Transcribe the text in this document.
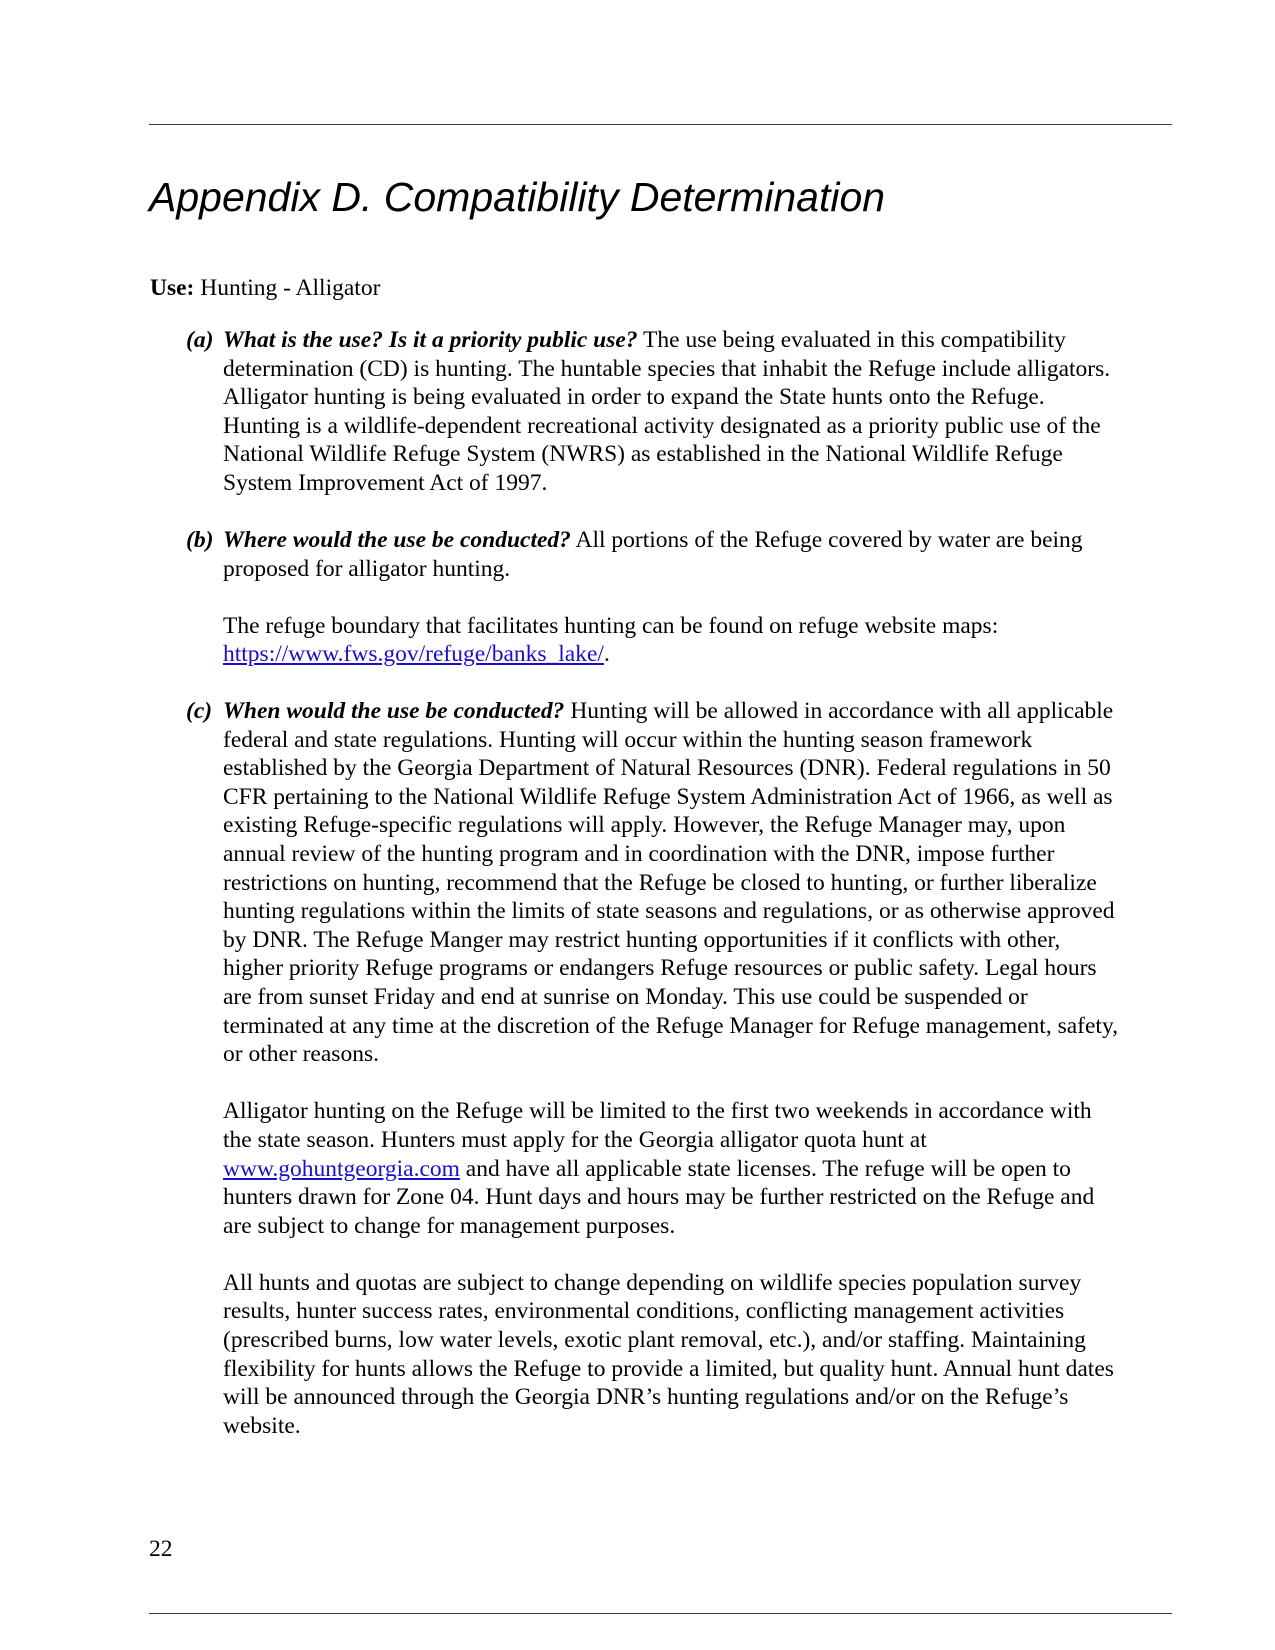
Appendix D. Compatibility Determination
Use: Hunting - Alligator
(a) What is the use? Is it a priority public use? The use being evaluated in this compatibility
determination (CD) is hunting. The huntable species that inhabit the Refuge include alligators.
Alligator hunting is being evaluated in order to expand the State hunts onto the Refuge.
Hunting is a wildlife-dependent recreational activity designated as a priority public use of the
National Wildlife Refuge System (NWRS) as established in the National Wildlife Refuge
System Improvement Act of 1997.
(b) Where would the use be conducted? All portions of the Refuge covered by water are being
proposed for alligator hunting.
The refuge boundary that facilitates hunting can be found on refuge website maps:
https://www.fws.gov/refuge/banks_lake/.
(c) When would the use be conducted? Hunting will be allowed in accordance with all applicable
federal and state regulations. Hunting will occur within the hunting season framework
established by the Georgia Department of Natural Resources (DNR). Federal regulations in 50
CFR pertaining to the National Wildlife Refuge System Administration Act of 1966, as well as
existing Refuge-specific regulations will apply. However, the Refuge Manager may, upon
annual review of the hunting program and in coordination with the DNR, impose further
restrictions on hunting, recommend that the Refuge be closed to hunting, or further liberalize
hunting regulations within the limits of state seasons and regulations, or as otherwise approved
by DNR. The Refuge Manger may restrict hunting opportunities if it conflicts with other,
higher priority Refuge programs or endangers Refuge resources or public safety. Legal hours
are from sunset Friday and end at sunrise on Monday. This use could be suspended or
terminated at any time at the discretion of the Refuge Manager for Refuge management, safety,
or other reasons.
Alligator hunting on the Refuge will be limited to the first two weekends in accordance with
the state season. Hunters must apply for the Georgia alligator quota hunt at
www.gohuntgeorgia.com and have all applicable state licenses. The refuge will be open to
hunters drawn for Zone 04. Hunt days and hours may be further restricted on the Refuge and
are subject to change for management purposes.
All hunts and quotas are subject to change depending on wildlife species population survey
results, hunter success rates, environmental conditions, conflicting management activities
(prescribed burns, low water levels, exotic plant removal, etc.), and/or staffing. Maintaining
flexibility for hunts allows the Refuge to provide a limited, but quality hunt. Annual hunt dates
will be announced through the Georgia DNR’s hunting regulations and/or on the Refuge’s
website.
22
